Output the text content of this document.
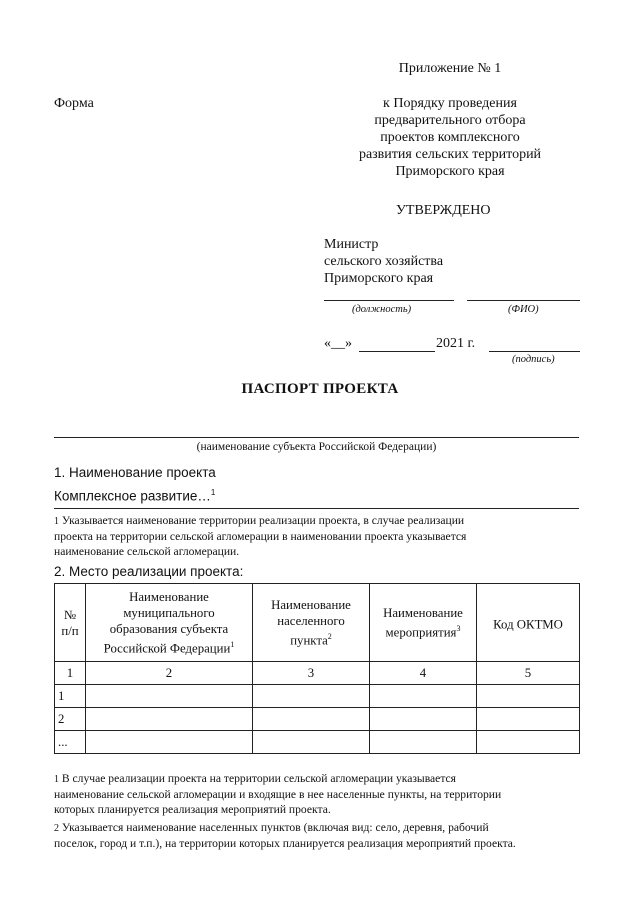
Приложение № 1
Форма	к Порядку проведения
предварительного отбора
проектов комплексного
развития сельских территорий
Приморского края
УТВЕРЖДЕНО
Министр
сельского хозяйства
Приморского края
(должность)	(ФИО)
«__»	2021 г.
(подпись)
ПАСПОРТ ПРОЕКТА
(наименование субъекта Российской Федерации)
1. Наименование проекта
Комплексное развитие…$^1$
1 Указывается наименование территории реализации проекта, в случае реализации
проекта на территории сельской агломерации в наименовании проекта указывается
наименование сельской агломерации.
2. Место реализации проекта:
№ п/п	Наименование муниципального образования субъекта Российской Федерации$^1$	Наименование населенного пункта$^2$	Наименование мероприятия$^3$	Код ОКТМО
1	2	3	4	5
1				
2				
...				
1 В случае реализации проекта на территории сельской агломерации указывается
наименование сельской агломерации и входящие в нее населенные пункты, на территории
которых планируется реализация мероприятий проекта.
2 Указывается наименование населенных пунктов (включая вид: село, деревня, рабочий
поселок, город и т.п.), на территории которых планируется реализация мероприятий проекта.
